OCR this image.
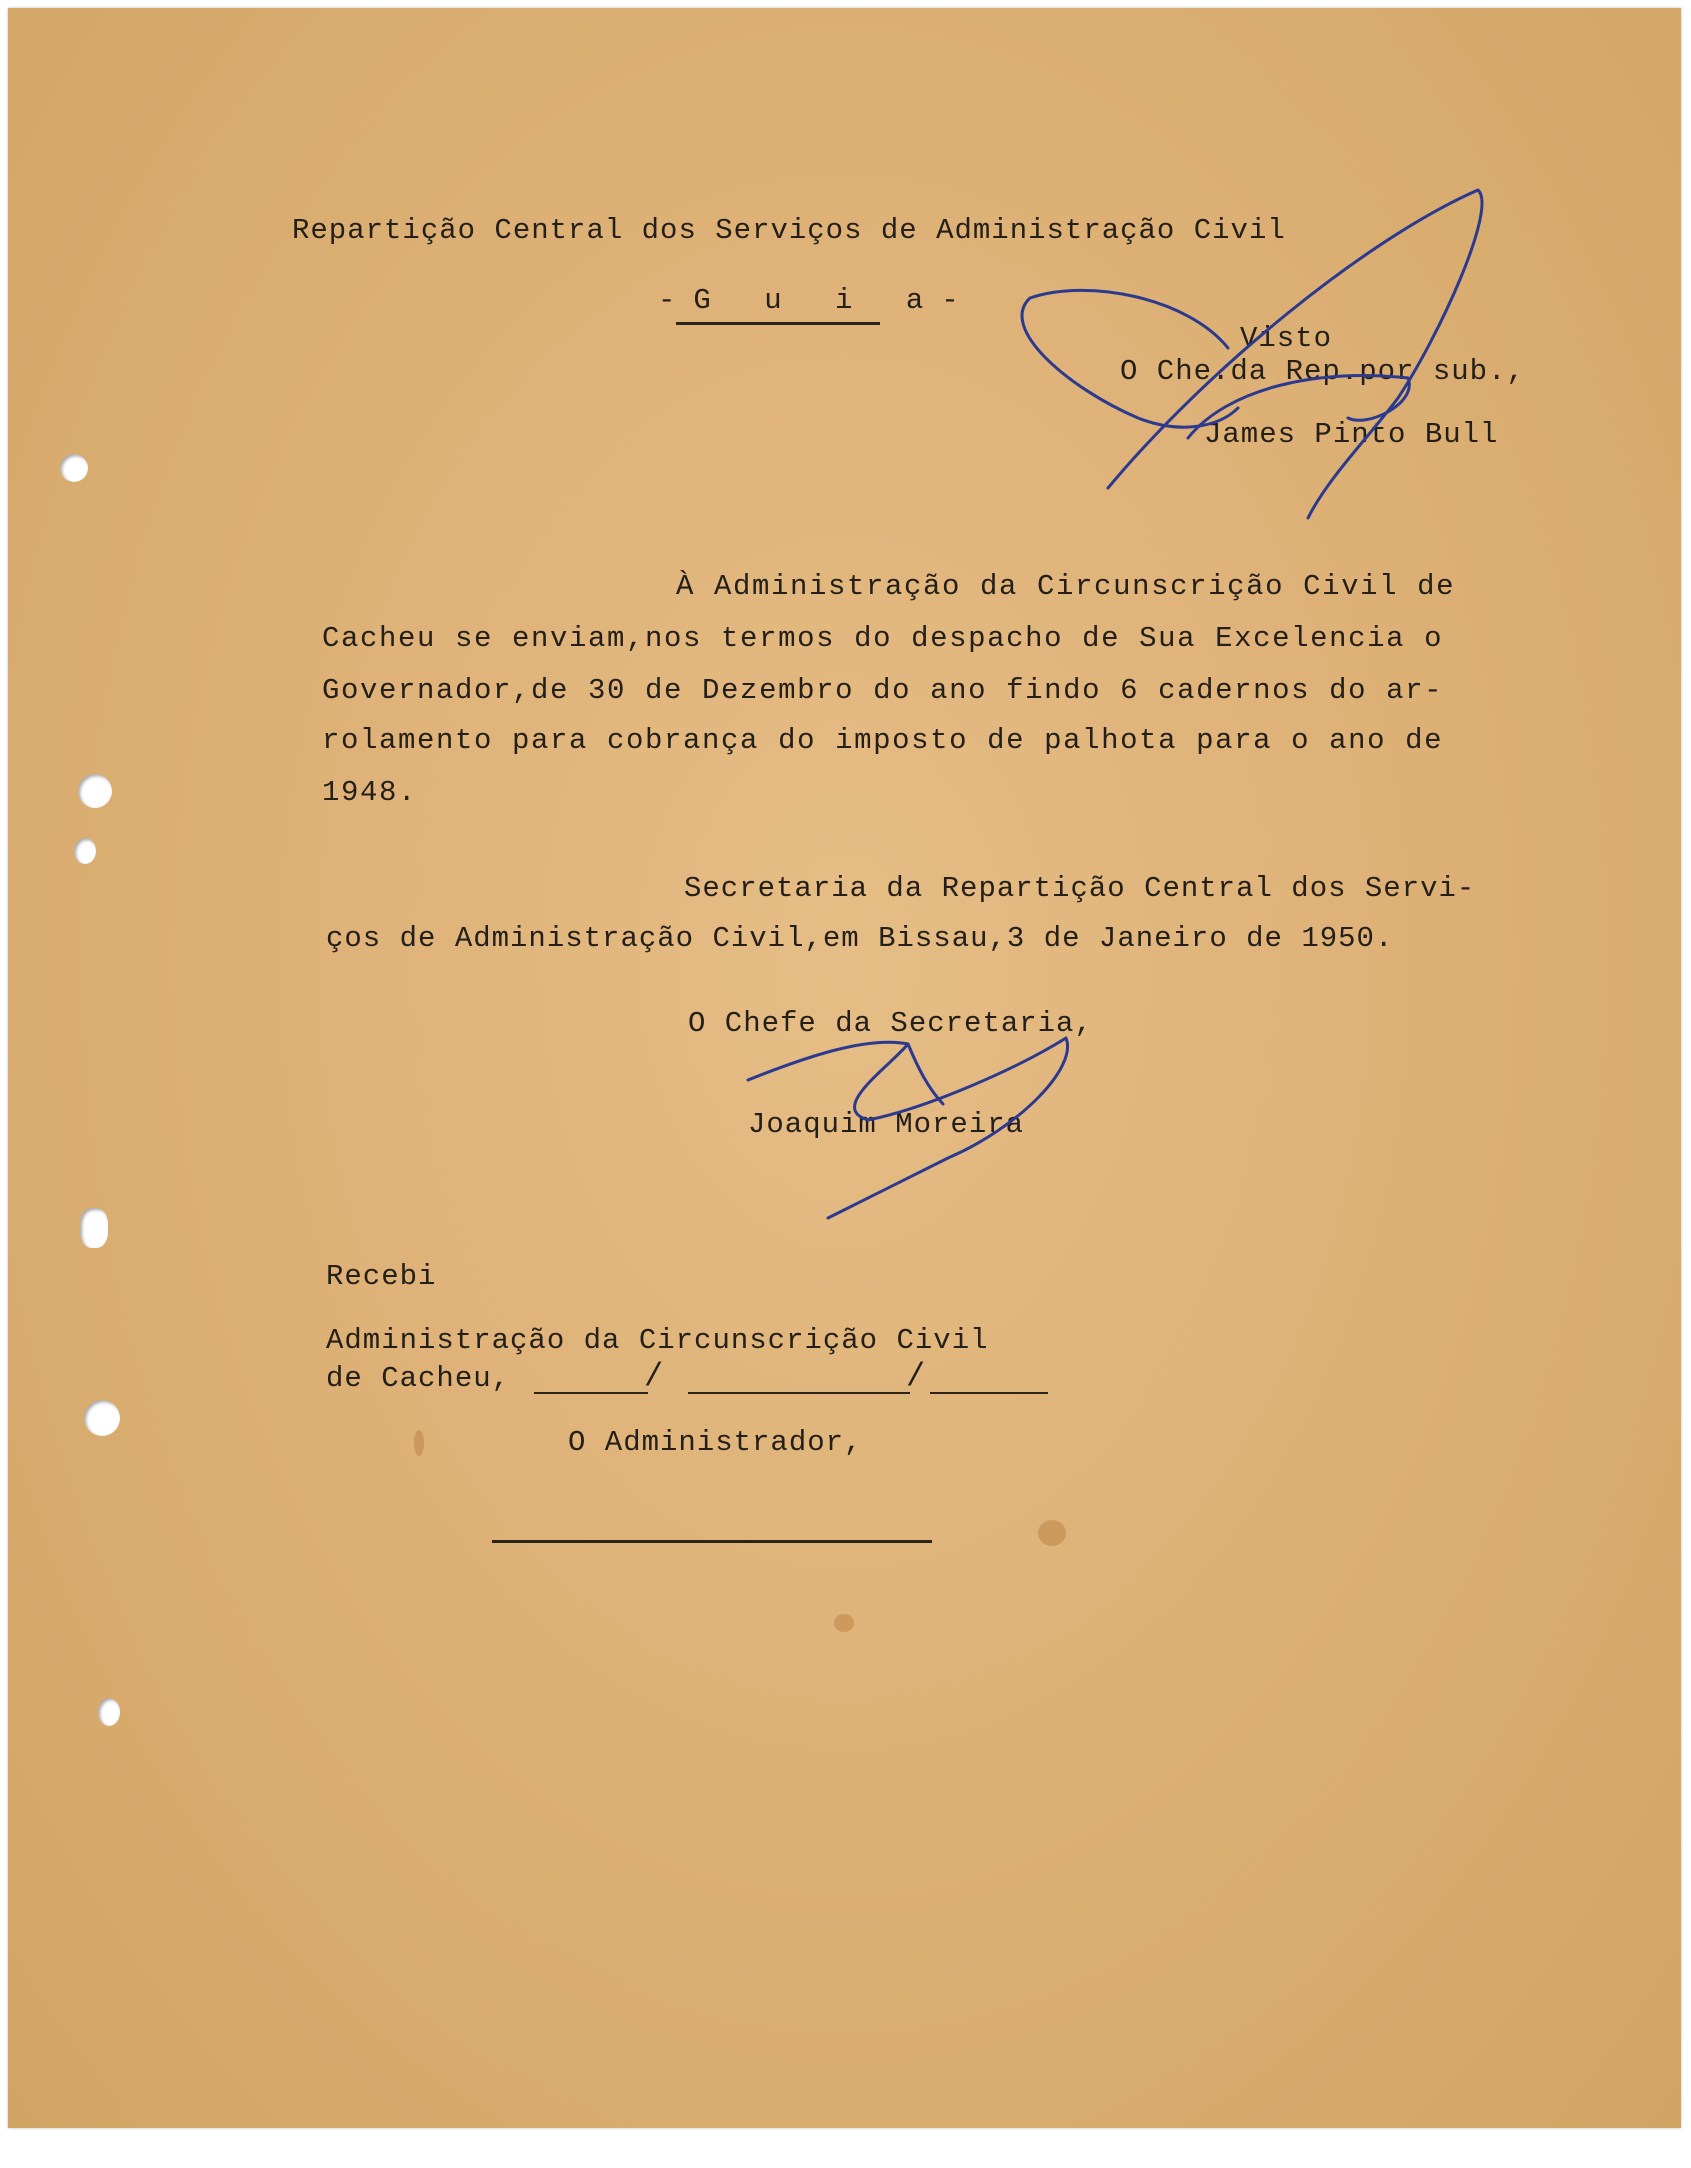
Repartição Central dos Serviços de Administração Civil
-G u i a-
Visto
O Che.da Rep.por sub.,
James Pinto Bull
À Administração da Circunscrição Civil de
Cacheu se enviam,nos termos do despacho de Sua Excelencia o
Governador,de 30 de Dezembro do ano findo 6 cadernos do ar-
rolamento para cobrança do imposto de palhota para o ano de
1948.
Secretaria da Repartição Central dos Servi-
ços de Administração Civil,em Bissau,3 de Janeiro de 1950.
O Chefe da Secretaria,
Joaquim Moreira
Recebi
Administração da Circunscrição Civil
de Cacheu,	/	/
O Administrador,
